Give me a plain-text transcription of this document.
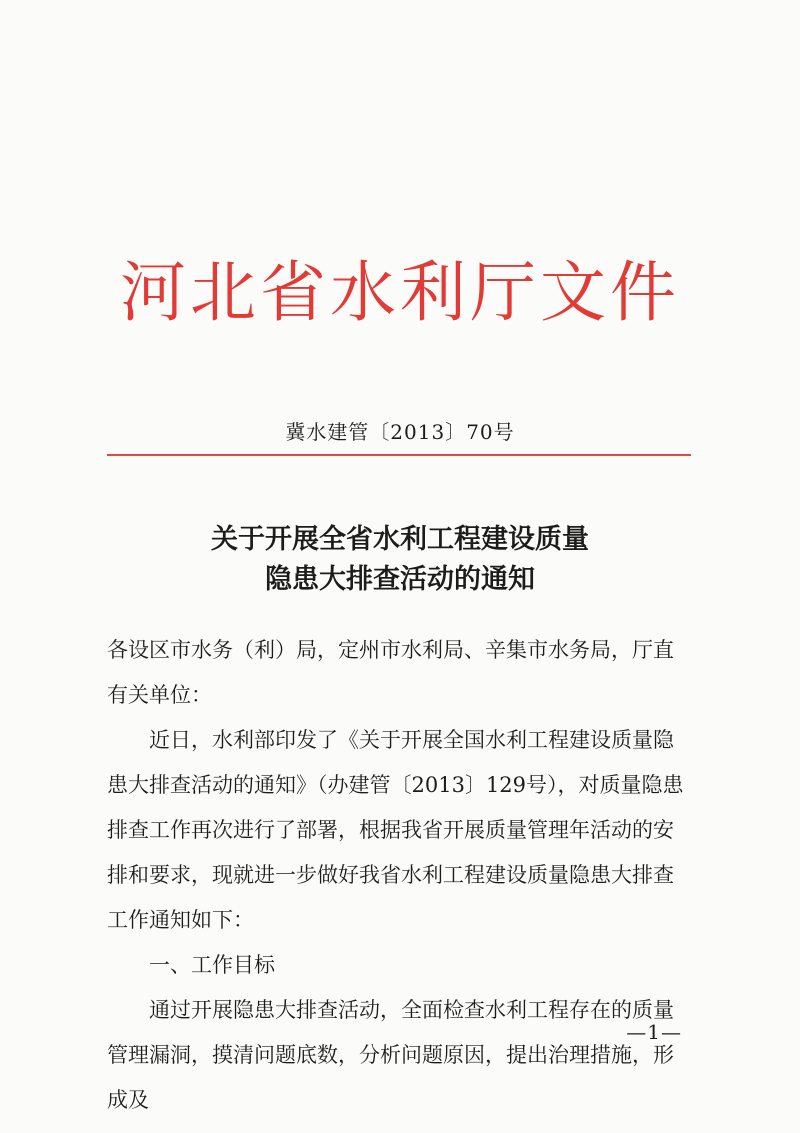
河北省水利厅文件
冀水建管〔2013〕70号
关于开展全省水利工程建设质量
隐患大排查活动的通知

各设区市水务（利）局，定州市水利局、辛集市水务局，厅直有关单位：

近日，水利部印发了《关于开展全国水利工程建设质量隐患大排查活动的通知》（办建管〔2013〕129号），对质量隐患排查工作再次进行了部署，根据我省开展质量管理年活动的安排和要求，现就进一步做好我省水利工程建设质量隐患大排查工作通知如下：

一、工作目标

通过开展隐患大排查活动，全面检查水利工程存在的质量管理漏洞，摸清问题底数，分析问题原因，提出治理措施，形成及

—1—
